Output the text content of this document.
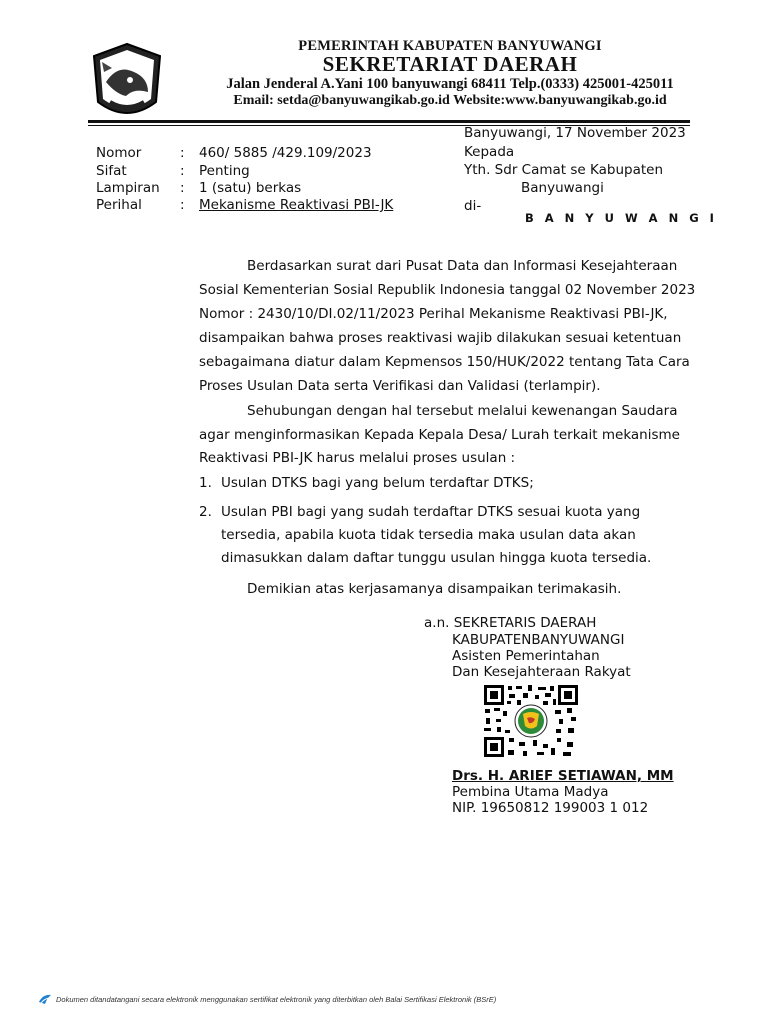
PEMERINTAH KABUPATEN BANYUWANGI
SEKRETARIAT DAERAH
Jalan Jenderal A.Yani 100 banyuwangi 68411 Telp.(0333) 425001-425011
Email: setda@banyuwangikab.go.id Website:www.banyuwangikab.go.id
Banyuwangi, 17 November 2023
Kepada
Yth. Sdr Camat se Kabupaten
Banyuwangi
di-
B A N Y U W A N G I
Nomor	: 460/ 5885 /429.109/2023
Sifat	: Penting
Lampiran : 1 (satu) berkas
Perihal	: Mekanisme Reaktivasi PBI-JK
Berdasarkan surat dari Pusat Data dan Informasi Kesejahteraan
Sosial Kementerian Sosial Republik Indonesia tanggal 02 November 2023
Nomor : 2430/10/DI.02/11/2023 Perihal Mekanisme Reaktivasi PBI-JK,
disampaikan bahwa proses reaktivasi wajib dilakukan sesuai ketentuan
sebagaimana diatur dalam Kepmensos 150/HUK/2022 tentang Tata Cara
Proses Usulan Data serta Verifikasi dan Validasi (terlampir).
Sehubungan dengan hal tersebut melalui kewenangan Saudara
agar menginformasikan Kepada Kepala Desa/ Lurah terkait mekanisme
Reaktivasi PBI-JK harus melalui proses usulan :
1. Usulan DTKS bagi yang belum terdaftar DTKS;
2. Usulan PBI bagi yang sudah terdaftar DTKS sesuai kuota yang
tersedia, apabila kuota tidak tersedia maka usulan data akan
dimasukkan dalam daftar tunggu usulan hingga kuota tersedia.
Demikian atas kerjasamanya disampaikan terimakasih.
a.n. SEKRETARIS DAERAH
KABUPATENBANYUWANGI
Asisten Pemerintahan
Dan Kesejahteraan Rakyat
Drs. H. ARIEF SETIAWAN, MM
Pembina Utama Madya
NIP. 19650812 199003 1 012
Dokumen ditandatangani secara elektronik menggunakan sertifikat elektronik yang diterbitkan oleh Balai Sertifikasi Elektronik (BSrE)
